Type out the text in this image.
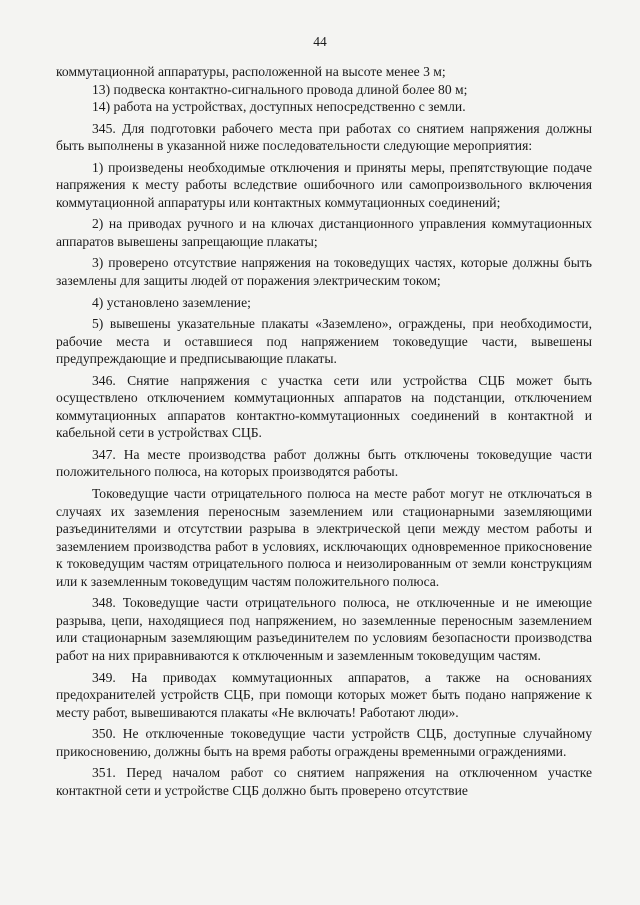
44

коммутационной аппаратуры, расположенной на высоте менее 3 м;

13) подвеска контактно-сигнального провода длиной более 80 м;

14) работа на устройствах, доступных непосредственно с земли.

345. Для подготовки рабочего места при работах со снятием напряжения должны быть выполнены в указанной ниже последовательности следующие мероприятия:

1) произведены необходимые отключения и приняты меры, препятствующие подаче напряжения к месту работы вследствие ошибочного или самопроизвольного включения коммутационной аппаратуры или контактных коммутационных соединений;

2) на приводах ручного и на ключах дистанционного управления коммутационных аппаратов вывешены запрещающие плакаты;

3) проверено отсутствие напряжения на токоведущих частях, которые должны быть заземлены для защиты людей от поражения электрическим током;

4) установлено заземление;

5) вывешены указательные плакаты «Заземлено», ограждены, при необходимости, рабочие места и оставшиеся под напряжением токоведущие части, вывешены предупреждающие и предписывающие плакаты.

346. Снятие напряжения с участка сети или устройства СЦБ может быть осуществлено отключением коммутационных аппаратов на подстанции, отключением коммутационных аппаратов контактно-коммутационных соединений в контактной и кабельной сети в устройствах СЦБ.

347. На месте производства работ должны быть отключены токоведущие части положительного полюса, на которых производятся работы.

Токоведущие части отрицательного полюса на месте работ могут не отключаться в случаях их заземления переносным заземлением или стационарными заземляющими разъединителями и отсутствии разрыва в электрической цепи между местом работы и заземлением производства работ в условиях, исключающих одновременное прикосновение к токоведущим частям отрицательного полюса и неизолированным от земли конструкциям или к заземленным токоведущим частям положительного полюса.

348. Токоведущие части отрицательного полюса, не отключенные и не имеющие разрыва, цепи, находящиеся под напряжением, но заземленные переносным заземлением или стационарным заземляющим разъединителем по условиям безопасности производства работ на них приравниваются к отключенным и заземленным токоведущим частям.

349. На приводах коммутационных аппаратов, а также на основаниях предохранителей устройств СЦБ, при помощи которых может быть подано напряжение к месту работ, вывешиваются плакаты «Не включать! Работают люди».

350. Не отключенные токоведущие части устройств СЦБ, доступные случайному прикосновению, должны быть на время работы ограждены временными ограждениями.

351. Перед началом работ со снятием напряжения на отключенном участке контактной сети и устройстве СЦБ должно быть проверено отсутствие
